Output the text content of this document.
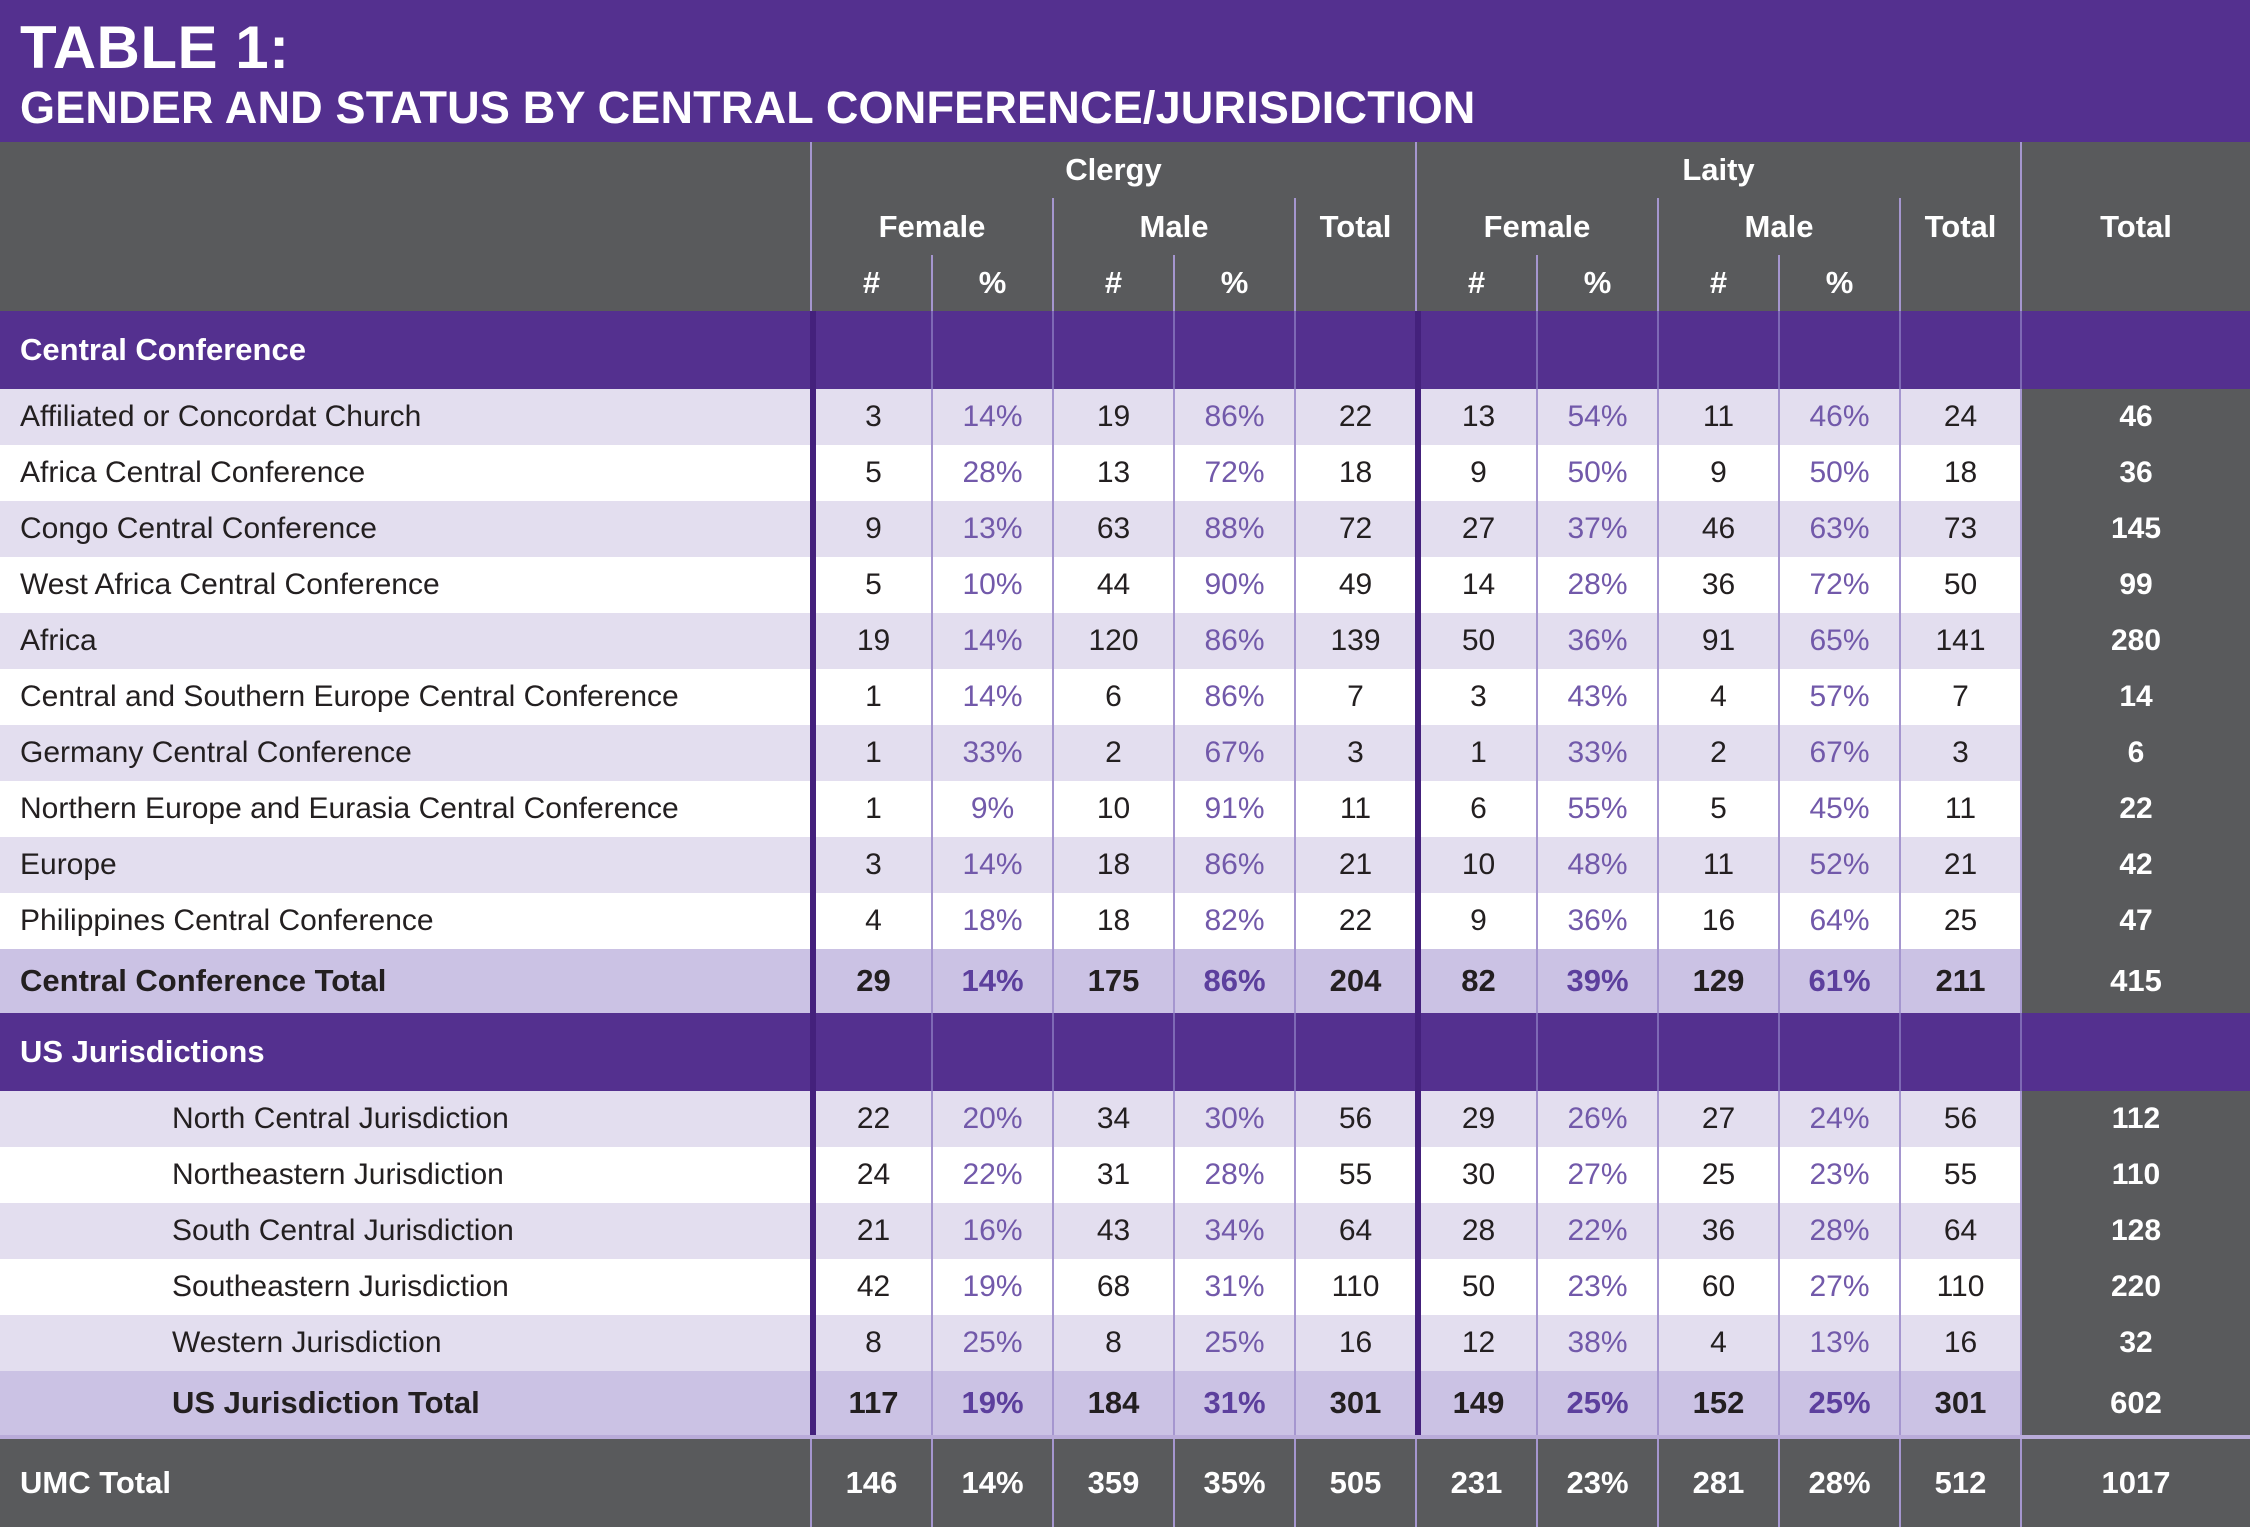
TABLE 1:
GENDER AND STATUS BY CENTRAL CONFERENCE/JURISDICTION
Clergy	Laity
Female	Male	Total	Female	Male	Total	Total
#	%	#	%	#	%	#	%
Central Conference
Affiliated or Concordat Church	3	14%	19	86%	22	13	54%	11	46%	24	46
Africa Central Conference	5	28%	13	72%	18	9	50%	9	50%	18	36
Congo Central Conference	9	13%	63	88%	72	27	37%	46	63%	73	145
West Africa Central Conference	5	10%	44	90%	49	14	28%	36	72%	50	99
Africa	19	14%	120	86%	139	50	36%	91	65%	141	280
Central and Southern Europe Central Conference	1	14%	6	86%	7	3	43%	4	57%	7	14
Germany Central Conference	1	33%	2	67%	3	1	33%	2	67%	3	6
Northern Europe and Eurasia Central Conference	1	9%	10	91%	11	6	55%	5	45%	11	22
Europe	3	14%	18	86%	21	10	48%	11	52%	21	42
Philippines Central Conference	4	18%	18	82%	22	9	36%	16	64%	25	47
Central Conference Total	29	14%	175	86%	204	82	39%	129	61%	211	415
US Jurisdictions
North Central Jurisdiction	22	20%	34	30%	56	29	26%	27	24%	56	112
Northeastern Jurisdiction	24	22%	31	28%	55	30	27%	25	23%	55	110
South Central Jurisdiction	21	16%	43	34%	64	28	22%	36	28%	64	128
Southeastern Jurisdiction	42	19%	68	31%	110	50	23%	60	27%	110	220
Western Jurisdiction	8	25%	8	25%	16	12	38%	4	13%	16	32
US Jurisdiction Total	117	19%	184	31%	301	149	25%	152	25%	301	602
UMC Total	146	14%	359	35%	505	231	23%	281	28%	512	1017
